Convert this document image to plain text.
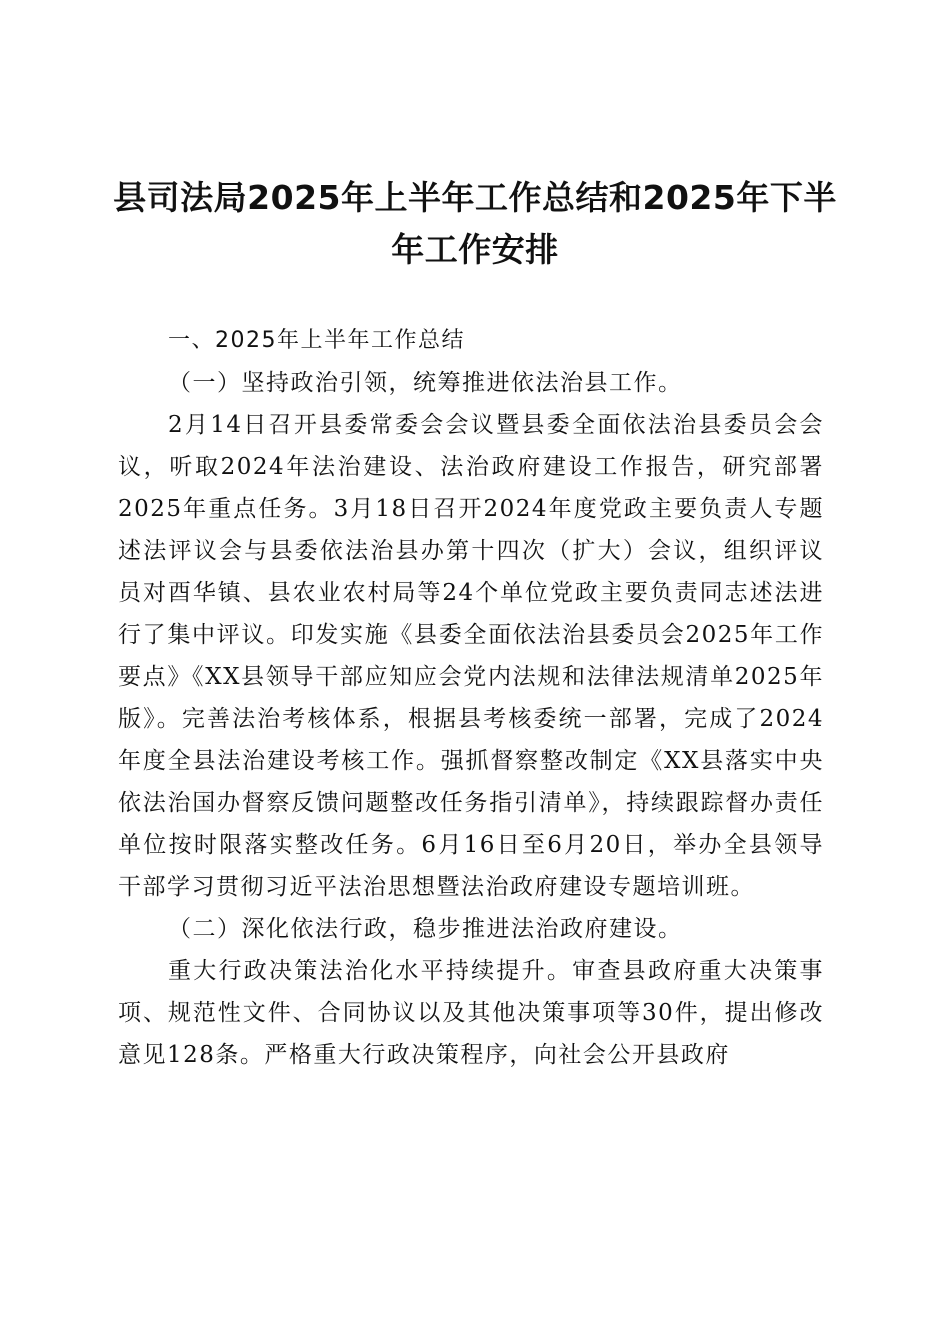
县司法局2025年上半年工作总结和2025年下半年工作安排

一、2025年上半年工作总结

（一）坚持政治引领，统筹推进依法治县工作。

2月14日召开县委常委会会议暨县委全面依法治县委员会会议，听取2024年法治建设、法治政府建设工作报告，研究部署2025年重点任务。3月18日召开2024年度党政主要负责人专题述法评议会与县委依法治县办第十四次（扩大）会议，组织评议员对酉华镇、县农业农村局等24个单位党政主要负责同志述法进行了集中评议。印发实施《县委全面依法治县委员会2025年工作要点》《XX县领导干部应知应会党内法规和法律法规清单2025年版》。完善法治考核体系，根据县考核委统一部署，完成了2024年度全县法治建设考核工作。强抓督察整改制定《XX县落实中央依法治国办督察反馈问题整改任务指引清单》，持续跟踪督办责任单位按时限落实整改任务。6月16日至6月20日，举办全县领导干部学习贯彻习近平法治思想暨法治政府建设专题培训班。

（二）深化依法行政，稳步推进法治政府建设。

重大行政决策法治化水平持续提升。审查县政府重大决策事项、规范性文件、合同协议以及其他决策事项等30件，提出修改意见128条。严格重大行政决策程序，向社会公开县政府
